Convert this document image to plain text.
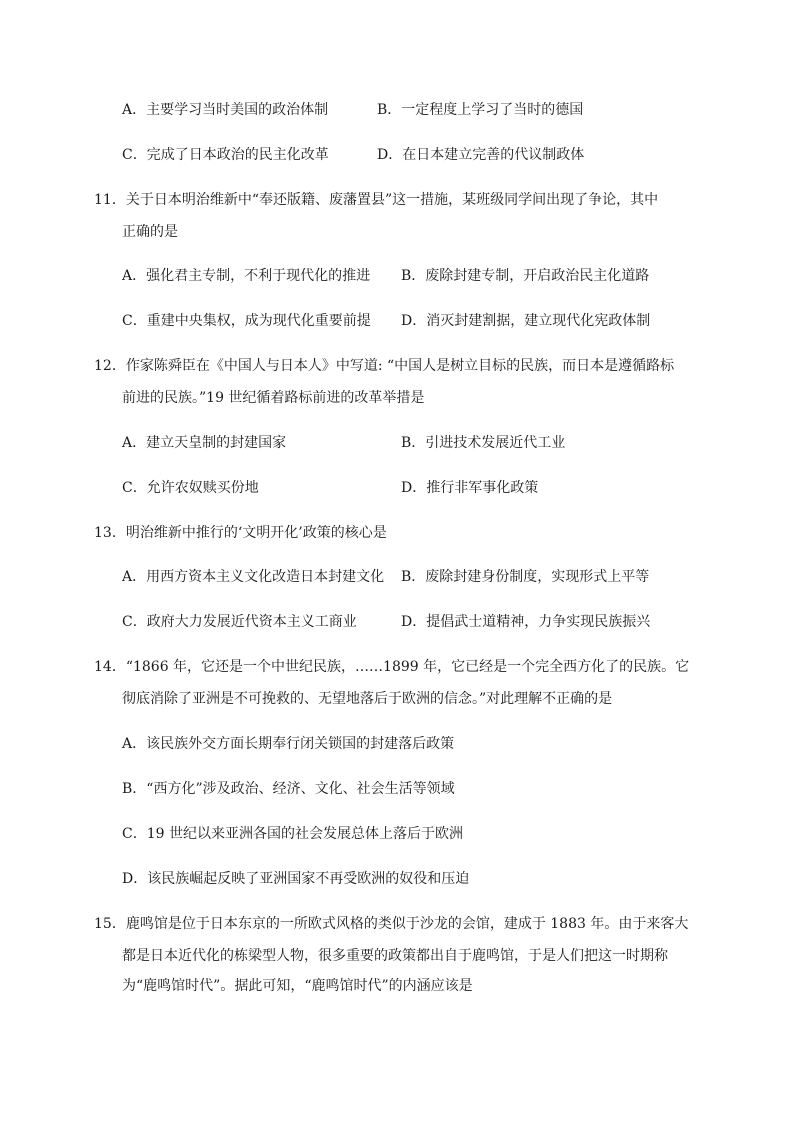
A．主要学习当时美国的政治体制	B．一定程度上学习了当时的德国
C．完成了日本政治的民主化改革	D．在日本建立完善的代议制政体
11．关于日本明治维新中“奉还版籍、废藩置县”这一措施，某班级同学间出现了争论，其中
正确的是
A．强化君主专制，不利于现代化的推进 B．废除封建专制，开启政治民主化道路
C．重建中央集权，成为现代化重要前提 D．消灭封建割据，建立现代化宪政体制
12．作家陈舜臣在《中国人与日本人》中写道: “中国人是树立目标的民族，而日本是遵循路标
前进的民族。”19 世纪循着路标前进的改革举措是
A．建立天皇制的封建国家	B．引进技术发展近代工业
C．允许农奴赎买份地	D．推行非军事化政策
13．明治维新中推行的‘文明开化’政策的核心是
A．用西方资本主义文化改造日本封建文化 B．废除封建身份制度，实现形式上平等
C．政府大力发展近代资本主义工商业	D．提倡武士道精神，力争实现民族振兴
14．“1866 年，它还是一个中世纪民族，……1899 年，它已经是一个完全西方化了的民族。它
彻底消除了亚洲是不可挽救的、无望地落后于欧洲的信念。”对此理解不正确的是
A．该民族外交方面长期奉行闭关锁国的封建落后政策
B．“西方化”涉及政治、经济、文化、社会生活等领域
C．19 世纪以来亚洲各国的社会发展总体上落后于欧洲
D．该民族崛起反映了亚洲国家不再受欧洲的奴役和压迫
15．鹿鸣馆是位于日本东京的一所欧式风格的类似于沙龙的会馆，建成于 1883 年。由于来客大
都是日本近代化的栋梁型人物，很多重要的政策都出自于鹿鸣馆，于是人们把这一时期称
为“鹿鸣馆时代”。据此可知，“鹿鸣馆时代”的内涵应该是
